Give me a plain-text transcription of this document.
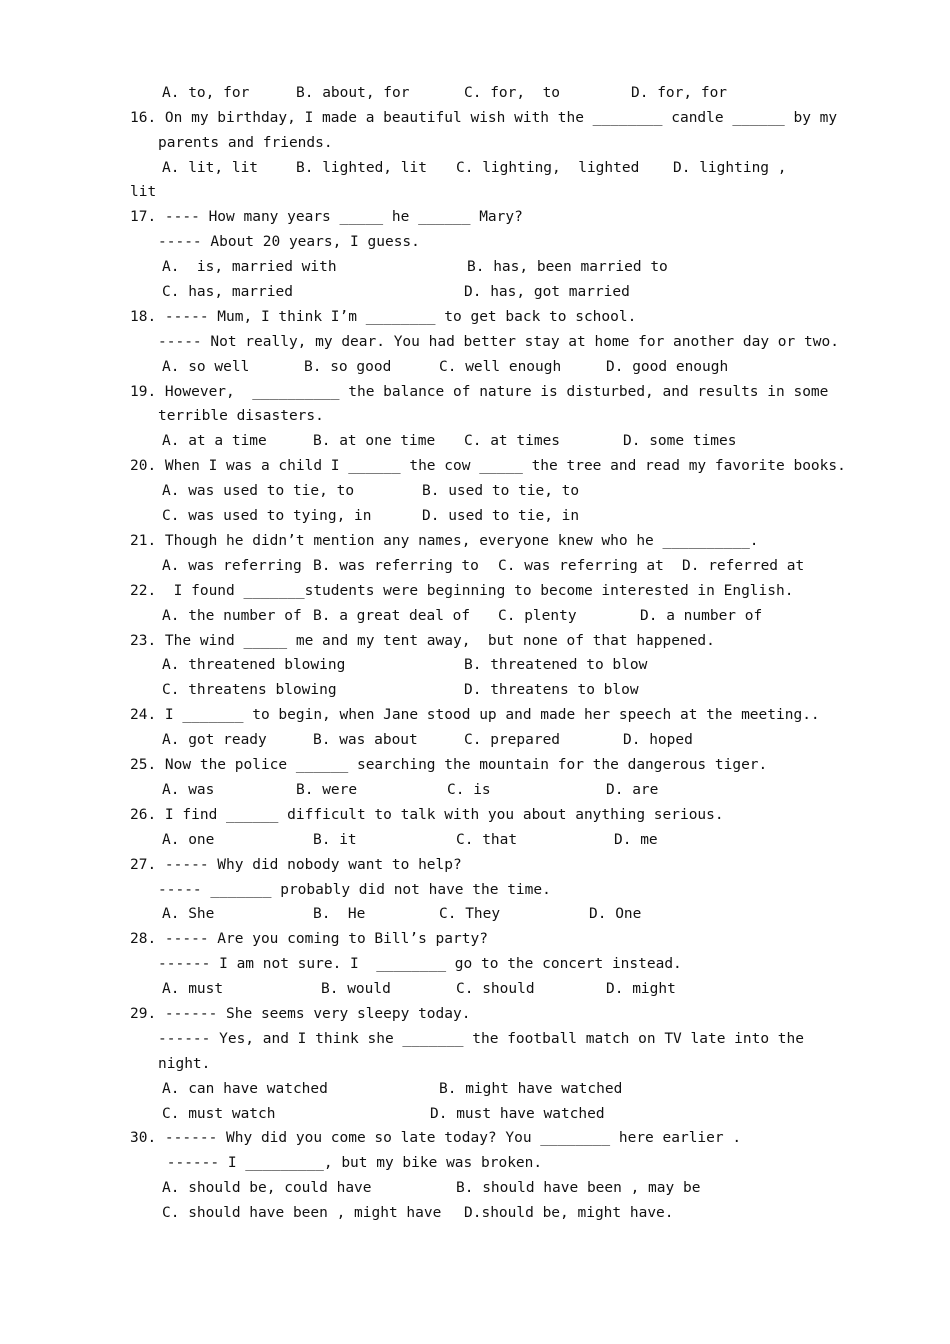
A. to, for	B. about, for	C. for,  to	D. for, for
16. On my birthday, I made a beautiful wish with the ________ candle ______ by my
parents and friends.
A. lit, lit	B. lighted, lit C. lighting,  lighted D. lighting ,
lit
17. ---- How many years _____ he ______ Mary?
----- About 20 years, I guess.
A.  is, married with	B. has, been married to
C. has, married	D. has, got married
18. ----- Mum, I think I’m ________ to get back to school.
----- Not really, my dear. You had better stay at home for another day or two.
A. so well	B. so good	C. well enough	D. good enough
19. However,  __________ the balance of nature is disturbed, and results in some
terrible disasters.
A. at a time	B. at one time C. at times	D. some times
20. When I was a child I ______ the cow _____ the tree and read my favorite books.
A. was used to tie, to	B. used to tie, to
C. was used to tying, in	D. used to tie, in
21. Though he didn’t mention any names, everyone knew who he __________.
A. was referring B. was referring to C. was referring at D. referred at
22.  I found _______students were beginning to become interested in English.
A. the number of B. a great deal of C. plenty	D. a number of
23. The wind _____ me and my tent away,  but none of that happened.
A. threatened blowing	B. threatened to blow
C. threatens blowing	D. threatens to blow
24. I _______ to begin, when Jane stood up and made her speech at the meeting..
A. got ready	B. was about	C. prepared	D. hoped
25. Now the police ______ searching the mountain for the dangerous tiger.
A. was	B. were	C. is	D. are
26. I find ______ difficult to talk with you about anything serious.
A. one	B. it	C. that	D. me
27. ----- Why did nobody want to help?
----- _______ probably did not have the time.
A. She	B.  He	C. They	D. One
28. ----- Are you coming to Bill’s party?
------ I am not sure. I  ________ go to the concert instead.
A. must	B. would	C. should	D. might
29. ------ She seems very sleepy today.
------ Yes, and I think she _______ the football match on TV late into the
night.
A. can have watched	B. might have watched
C. must watch	D. must have watched
30. ------ Why did you come so late today? You ________ here earlier .
------ I _________, but my bike was broken.
A. should be, could have	B. should have been , may be
C. should have been , might have D.should be, might have.
